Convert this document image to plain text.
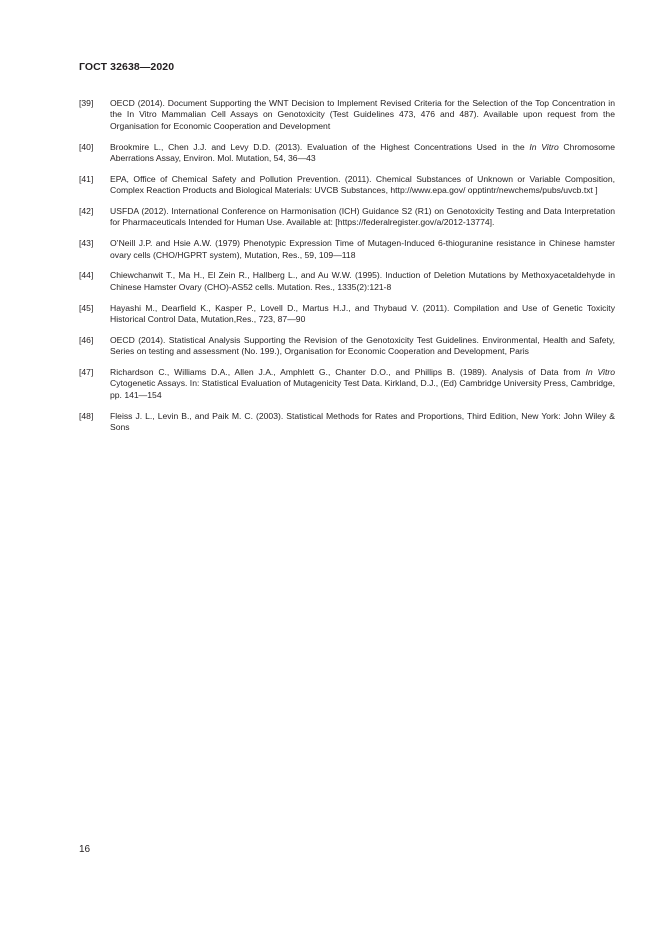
ГОСТ 32638—2020
[39]	OECD (2014). Document Supporting the WNT Decision to Implement Revised Criteria for the Selection of the Top Concentration in the In Vitro Mammalian Cell Assays on Genotoxicity (Test Guidelines 473, 476 and 487). Available upon request from the Organisation for Economic Cooperation and Development
[40]	Brookmire L., Chen J.J. and Levy D.D. (2013). Evaluation of the Highest Concentrations Used in the In Vitro Chromosome Aberrations Assay, Environ. Mol. Mutation, 54, 36—43
[41]	EPA, Office of Chemical Safety and Pollution Prevention. (2011). Chemical Substances of Unknown or Variable Composition, Complex Reaction Products and Biological Materials: UVCB Substances, http://www.epa.gov/ opptintr/newchems/pubs/uvcb.txt ]
[42]	USFDA (2012). International Conference on Harmonisation (ICH) Guidance S2 (R1) on Genotoxicity Testing and Data Interpretation for Pharmaceuticals Intended for Human Use. Available at: [https://federalregister.gov/a/2012-13774].
[43]	O’Neill J.P. and Hsie A.W. (1979) Phenotypic Expression Time of Mutagen-Induced 6-thioguranine resistance in Chinese hamster ovary cells (CHO/HGPRT system), Mutation, Res., 59, 109—118
[44]	Chiewchanwit T., Ma H., El Zein R., Hallberg L., and Au W.W. (1995). Induction of Deletion Mutations by Methoxyacetaldehyde in Chinese Hamster Ovary (CHO)-AS52 cells. Mutation. Res., 1335(2):121-8
[45]	Hayashi M., Dearfield K., Kasper P., Lovell D., Martus H.J., and Thybaud V. (2011). Compilation and Use of Genetic Toxicity Historical Control Data, Mutation,Res., 723, 87—90
[46]	OECD (2014). Statistical Analysis Supporting the Revision of the Genotoxicity Test Guidelines. Environmental, Health and Safety, Series on testing and assessment (No. 199.), Organisation for Economic Cooperation and Development, Paris
[47]	Richardson C., Williams D.A., Allen J.A., Amphlett G., Chanter D.O., and Phillips B. (1989). Analysis of Data from In Vitro Cytogenetic Assays. In: Statistical Evaluation of Mutagenicity Test Data. Kirkland, D.J., (Ed) Cambridge University Press, Cambridge, pp. 141—154
[48]	Fleiss J. L., Levin B., and Paik M. C. (2003). Statistical Methods for Rates and Proportions, Third Edition, New York: John Wiley & Sons
16
